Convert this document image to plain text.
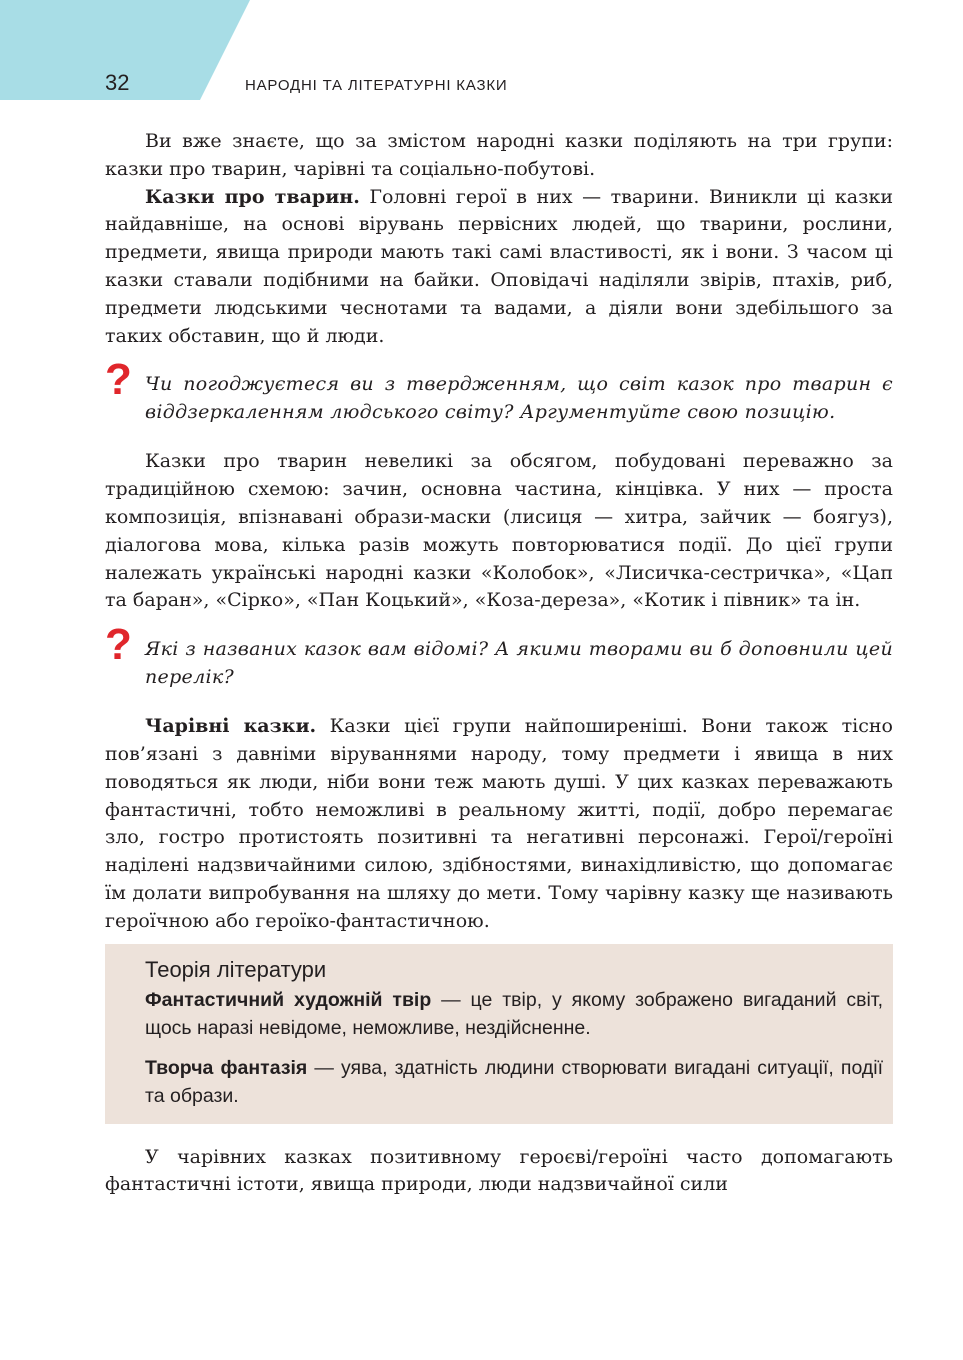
32	НАРОДНІ ТА ЛІТЕРАТУРНІ КАЗКИ

Ви вже знаєте, що за змістом народні казки поділяють на три групи: казки про тварин, чарівні та соціально-побутові.

Казки про тварин. Головні герої в них — тварини. Виникли ці казки найдавніше, на основі вірувань первісних людей, що тварини, рослини, предмети, явища природи мають такі самі властивості, як і вони. З часом ці казки ставали подібними на байки. Оповідачі наділяли звірів, птахів, риб, предмети людськими чеснотами та вадами, а діяли вони здебільшого за таких обставин, що й люди.

? Чи погоджуєтеся ви з твердженням, що світ казок про тварин є віддзеркаленням людського світу? Аргументуйте свою позицію.

Казки про тварин невеликі за обсягом, побудовані переважно за традиційною схемою: зачин, основна частина, кінцівка. У них — проста композиція, впізнавані образи-маски (лисиця — хитра, зайчик — боягуз), діалогова мова, кілька разів можуть повторюватися події. До цієї групи належать українські народні казки «Колобок», «Лисичка-сестричка», «Цап та баран», «Сірко», «Пан Коцький», «Коза-дереза», «Котик і півник» та ін.

? Які з названих казок вам відомі? А якими творами ви б доповнили цей перелік?

Чарівні казки. Казки цієї групи найпоширеніші. Вони також тісно пов’язані з давніми віруваннями народу, тому предмети і явища в них поводяться як люди, ніби вони теж мають душі. У цих казках переважають фантастичні, тобто неможливі в реальному житті, події, добро перемагає зло, гостро протистоять позитивні та негативні персонажі. Герої/героїні наділені надзвичайними силою, здібностями, винахідливістю, що допомагає їм долати випробування на шляху до мети. Тому чарівну казку ще називають героїчною або героїко-фантастичною.

Теорія літератури

Фантастичний художній твір — це твір, у якому зображено вигаданий світ, щось наразі невідоме, неможливе, нездійсненне.

Творча фантазія — уява, здатність людини створювати вигадані ситуації, події та образи.

У чарівних казках позитивному героєві/героїні часто допомагають фантастичні істоти, явища природи, люди надзвичайної сили
